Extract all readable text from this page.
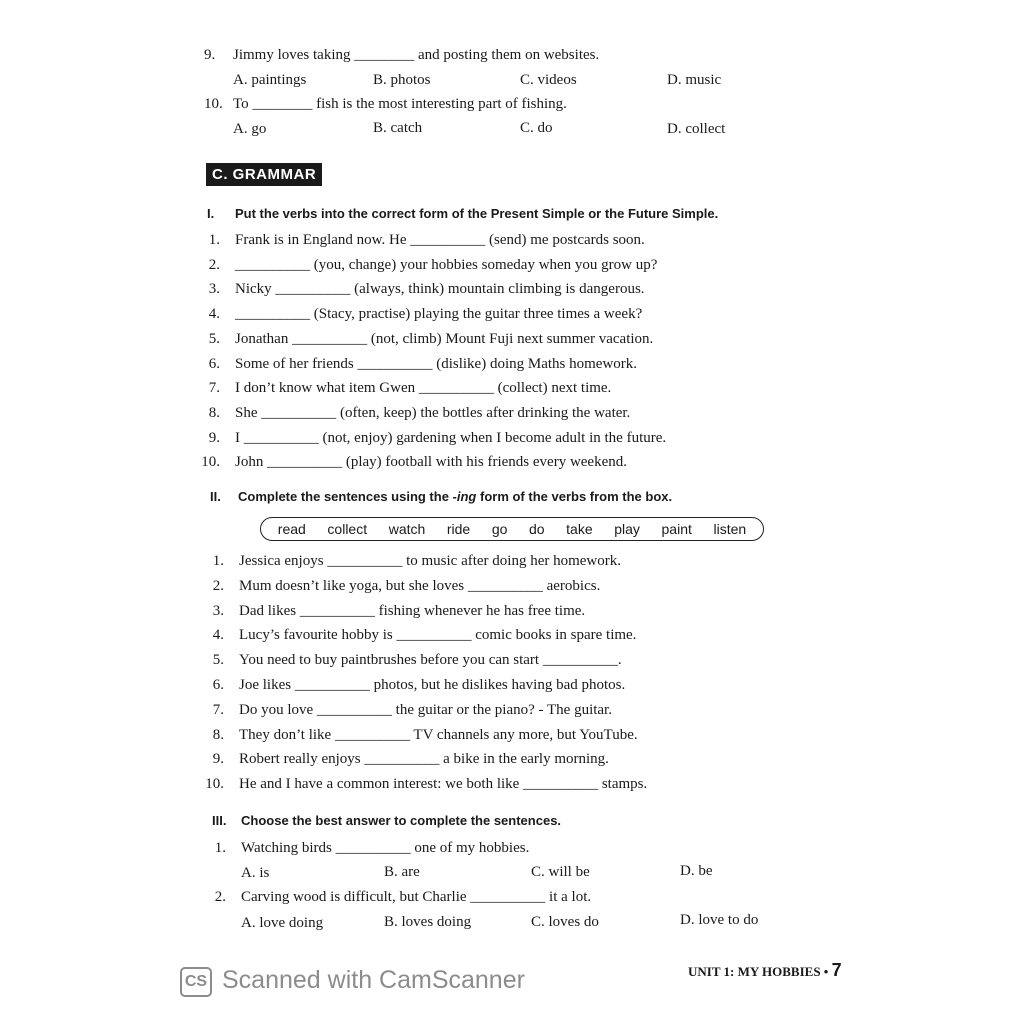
9. Jimmy loves taking ________ and posting them on websites.
A. paintings	B. photos	C. videos	D. music
10. To ________ fish is the most interesting part of fishing.
A. go	B. catch	C. do	D. collect
C. GRAMMAR
I. Put the verbs into the correct form of the Present Simple or the Future Simple.
1. Frank is in England now. He __________ (send) me postcards soon.
2. __________ (you, change) your hobbies someday when you grow up?
3. Nicky __________ (always, think) mountain climbing is dangerous.
4. __________ (Stacy, practise) playing the guitar three times a week?
5. Jonathan __________ (not, climb) Mount Fuji next summer vacation.
6. Some of her friends __________ (dislike) doing Maths homework.
7. I don’t know what item Gwen __________ (collect) next time.
8. She __________ (often, keep) the bottles after drinking the water.
9. I __________ (not, enjoy) gardening when I become adult in the future.
10. John __________ (play) football with his friends every weekend.
II. Complete the sentences using the -ing form of the verbs from the box.
read collect watch ride go do take play paint listen
1. Jessica enjoys __________ to music after doing her homework.
2. Mum doesn’t like yoga, but she loves __________ aerobics.
3. Dad likes __________ fishing whenever he has free time.
4. Lucy’s favourite hobby is __________ comic books in spare time.
5. You need to buy paintbrushes before you can start __________.
6. Joe likes __________ photos, but he dislikes having bad photos.
7. Do you love __________ the guitar or the piano? - The guitar.
8. They don’t like __________ TV channels any more, but YouTube.
9. Robert really enjoys __________ a bike in the early morning.
10. He and I have a common interest: we both like __________ stamps.
III. Choose the best answer to complete the sentences.
1. Watching birds __________ one of my hobbies.
A. is	B. are	C. will be	D. be
2. Carving wood is difficult, but Charlie __________ it a lot.
A. love doing	B. loves doing	C. loves do	D. love to do
CS Scanned with CamScanner	UNIT 1: MY HOBBIES • 7
